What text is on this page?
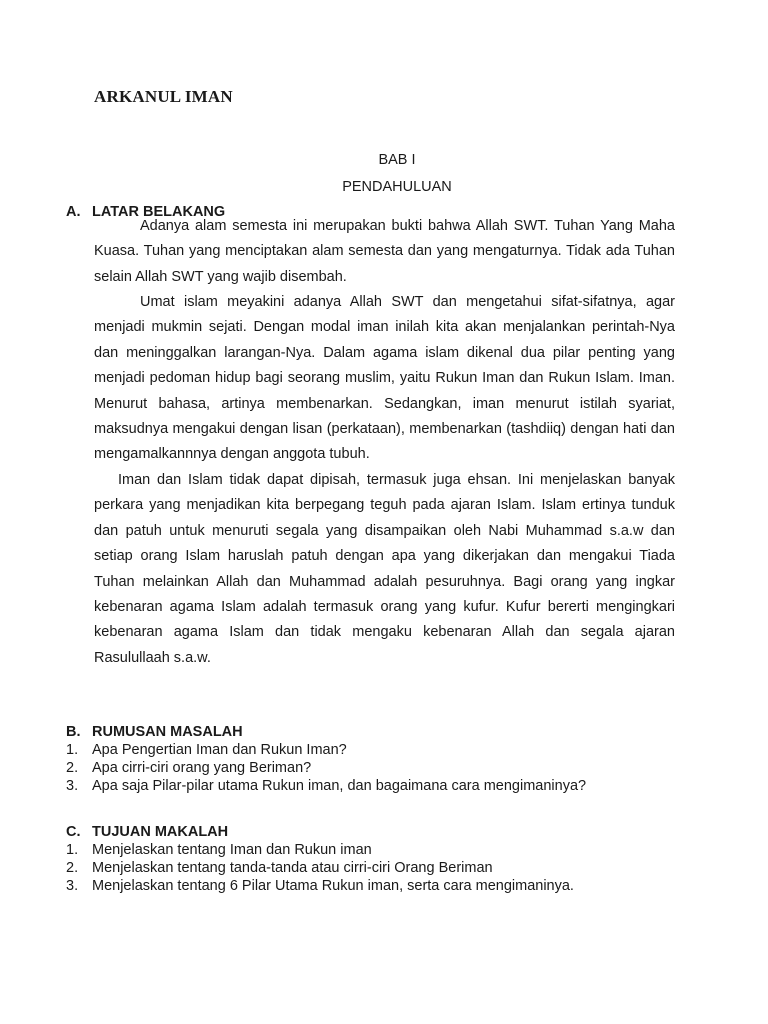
ARKANUL IMAN

BAB I

PENDAHULUAN

A. LATAR BELAKANG

Adanya alam semesta ini merupakan bukti bahwa Allah SWT. Tuhan Yang Maha Kuasa. Tuhan yang menciptakan alam semesta dan yang mengaturnya. Tidak ada Tuhan selain Allah SWT yang wajib disembah.

Umat islam meyakini adanya Allah SWT dan mengetahui sifat-sifatnya, agar menjadi mukmin sejati. Dengan modal iman inilah kita akan menjalankan perintah-Nya dan meninggalkan larangan-Nya. Dalam agama islam dikenal dua pilar penting yang menjadi pedoman hidup bagi seorang muslim, yaitu Rukun Iman dan Rukun Islam. Iman. Menurut bahasa, artinya membenarkan. Sedangkan, iman menurut istilah syariat, maksudnya mengakui dengan lisan (perkataan), membenarkan (tashdiiq) dengan hati dan mengamalkannnya dengan anggota tubuh.

Iman dan Islam tidak dapat dipisah, termasuk juga ehsan. Ini menjelaskan banyak perkara yang menjadikan kita berpegang teguh pada ajaran Islam. Islam ertinya tunduk dan patuh untuk menuruti segala yang disampaikan oleh Nabi Muhammad s.a.w dan setiap orang Islam haruslah patuh dengan apa yang dikerjakan dan mengakui Tiada Tuhan melainkan Allah dan Muhammad adalah pesuruhnya. Bagi orang yang ingkar kebenaran agama Islam adalah termasuk orang yang kufur. Kufur bererti mengingkari kebenaran agama Islam dan tidak mengaku kebenaran Allah dan segala ajaran Rasulullaah s.a.w.

B. RUMUSAN MASALAH
1. Apa Pengertian Iman dan Rukun Iman?
2. Apa cirri-ciri orang yang Beriman?
3. Apa saja Pilar-pilar utama Rukun iman, dan bagaimana cara mengimaninya?
C. TUJUAN MAKALAH
1. Menjelaskan tentang Iman dan Rukun iman
2. Menjelaskan tentang tanda-tanda atau cirri-ciri Orang Beriman
3. Menjelaskan tentang 6 Pilar Utama Rukun iman, serta cara mengimaninya.
